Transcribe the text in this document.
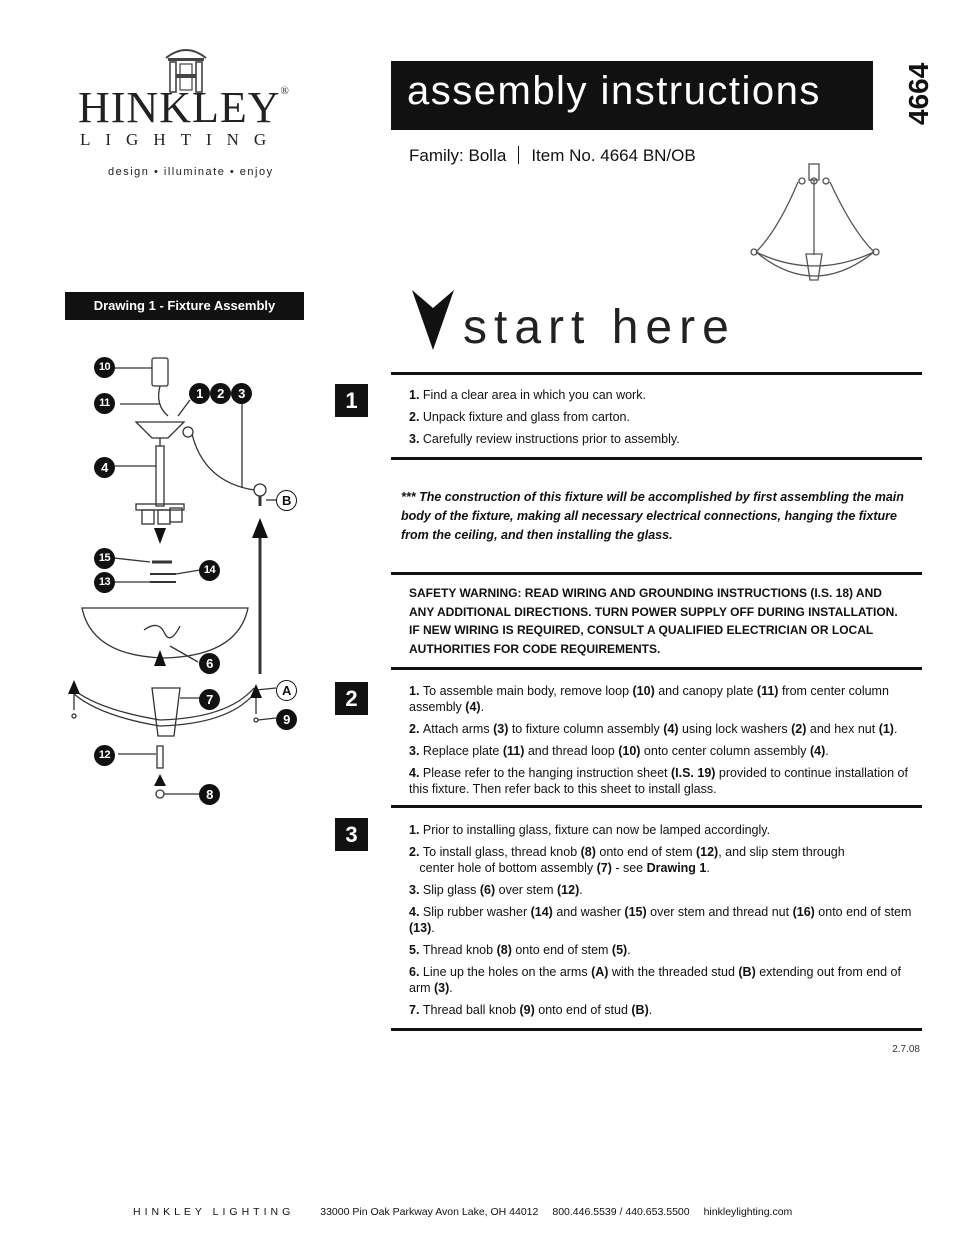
HINKLEY®
LIGHTING
design • illuminate • enjoy
assembly instructions	4664
Family: Bolla Item No. 4664 BN/OB
Drawing 1 - Fixture Assembly
10
11
1	2	3
4
B
15
14
13
6
A
7
9
12
8
start here
1	1. Find a clear area in which you can work.
2. Unpack fixture and glass from carton.
3. Carefully review instructions prior to assembly.
*** The construction of this fixture will be accomplished by first assembling the main body of the fixture, making all necessary electrical connections, hanging the fixture from the ceiling, and then installing the glass.
SAFETY WARNING: READ WIRING AND GROUNDING INSTRUCTIONS (I.S. 18) AND ANY ADDITIONAL DIRECTIONS. TURN POWER SUPPLY OFF DURING INSTALLATION. IF NEW WIRING IS REQUIRED, CONSULT A QUALIFIED ELECTRICIAN OR LOCAL AUTHORITIES FOR CODE REQUIREMENTS.
2	1. To assemble main body, remove loop (10) and canopy plate (11) from center column assembly (4).
2. Attach arms (3) to fixture column assembly (4) using lock washers (2) and hex nut (1).
3. Replace plate (11) and thread loop (10) onto center column assembly (4).
4. Please refer to the hanging instruction sheet (I.S. 19) provided to continue installation of this fixture. Then refer back to this sheet to install glass.
3	1. Prior to installing glass, fixture can now be lamped accordingly.
2. To install glass, thread knob (8) onto end of stem (12), and slip stem through
center hole of bottom assembly (7) - see Drawing 1.
3. Slip glass (6) over stem (12).
4. Slip rubber washer (14) and washer (15) over stem and thread nut (16) onto end of stem (13).
5. Thread knob (8) onto end of stem (5).
6. Line up the holes on the arms (A) with the threaded stud (B) extending out from end of arm (3).
7. Thread ball knob (9) onto end of stud (B).
2.7.08
HINKLEY LIGHTING 33000 Pin Oak Parkway Avon Lake, OH 44012 800.446.5539 / 440.653.5500 hinkleylighting.com
